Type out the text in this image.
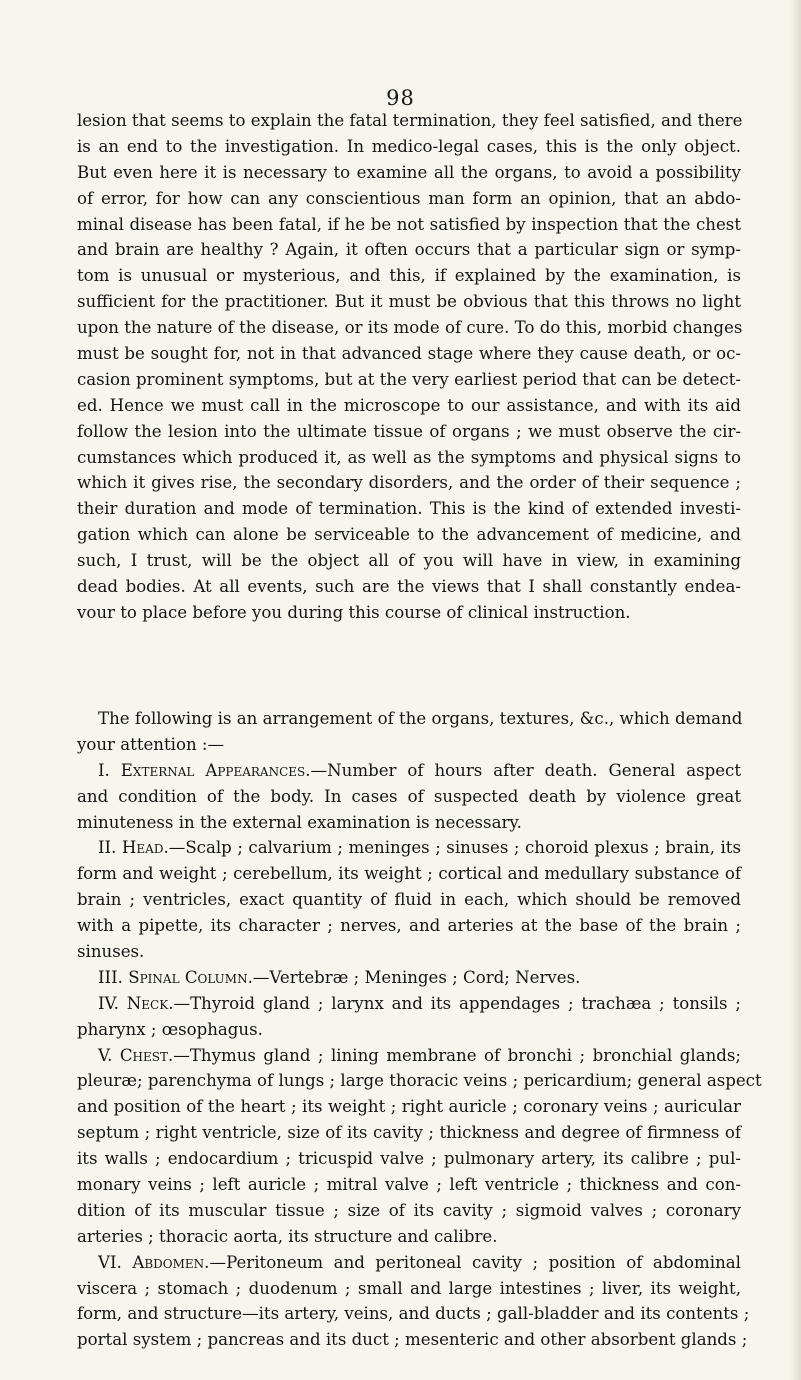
98
lesion that seems to explain the fatal termination, they feel satisfied, and there
is an end to the investigation. In medico-legal cases, this is the only object.
But even here it is necessary to examine all the organs, to avoid a possibility
of error, for how can any conscientious man form an opinion, that an abdo-
minal disease has been fatal, if he be not satisfied by inspection that the chest
and brain are healthy ? Again, it often occurs that a particular sign or symp-
tom is unusual or mysterious, and this, if explained by the examination, is
sufficient for the practitioner. But it must be obvious that this throws no light
upon the nature of the disease, or its mode of cure. To do this, morbid changes
must be sought for, not in that advanced stage where they cause death, or oc-
casion prominent symptoms, but at the very earliest period that can be detect-
ed. Hence we must call in the microscope to our assistance, and with its aid
follow the lesion into the ultimate tissue of organs ; we must observe the cir-
cumstances which produced it, as well as the symptoms and physical signs to
which it gives rise, the secondary disorders, and the order of their sequence ;
their duration and mode of termination. This is the kind of extended investi-
gation which can alone be serviceable to the advancement of medicine, and
such, I trust, will be the object all of you will have in view, in examining
dead bodies. At all events, such are the views that I shall constantly endea-
vour to place before you during this course of clinical instruction.
The following is an arrangement of the organs, textures, &c., which demand
your attention :—
I. External Appearances.—Number of hours after death. General aspect
and condition of the body. In cases of suspected death by violence great
minuteness in the external examination is necessary.
II. Head.—Scalp ; calvarium ; meninges ; sinuses ; choroid plexus ; brain, its
form and weight ; cerebellum, its weight ; cortical and medullary substance of
brain ; ventricles, exact quantity of fluid in each, which should be removed
with a pipette, its character ; nerves, and arteries at the base of the brain ;
sinuses.
III. Spinal Column.—Vertebræ ; Meninges ; Cord; Nerves.
IV. Neck.—Thyroid gland ; larynx and its appendages ; trachæa ; tonsils ;
pharynx ; œsophagus.
V. Chest.—Thymus gland ; lining membrane of bronchi ; bronchial glands;
pleuræ; parenchyma of lungs ; large thoracic veins ; pericardium; general aspect
and position of the heart ; its weight ; right auricle ; coronary veins ; auricular
septum ; right ventricle, size of its cavity ; thickness and degree of firmness of
its walls ; endocardium ; tricuspid valve ; pulmonary artery, its calibre ; pul-
monary veins ; left auricle ; mitral valve ; left ventricle ; thickness and con-
dition of its muscular tissue ; size of its cavity ; sigmoid valves ; coronary
arteries ; thoracic aorta, its structure and calibre.
VI. Abdomen.—Peritoneum and peritoneal cavity ; position of abdominal
viscera ; stomach ; duodenum ; small and large intestines ; liver, its weight,
form, and structure—its artery, veins, and ducts ; gall-bladder and its contents ;
portal system ; pancreas and its duct ; mesenteric and other absorbent glands ;
